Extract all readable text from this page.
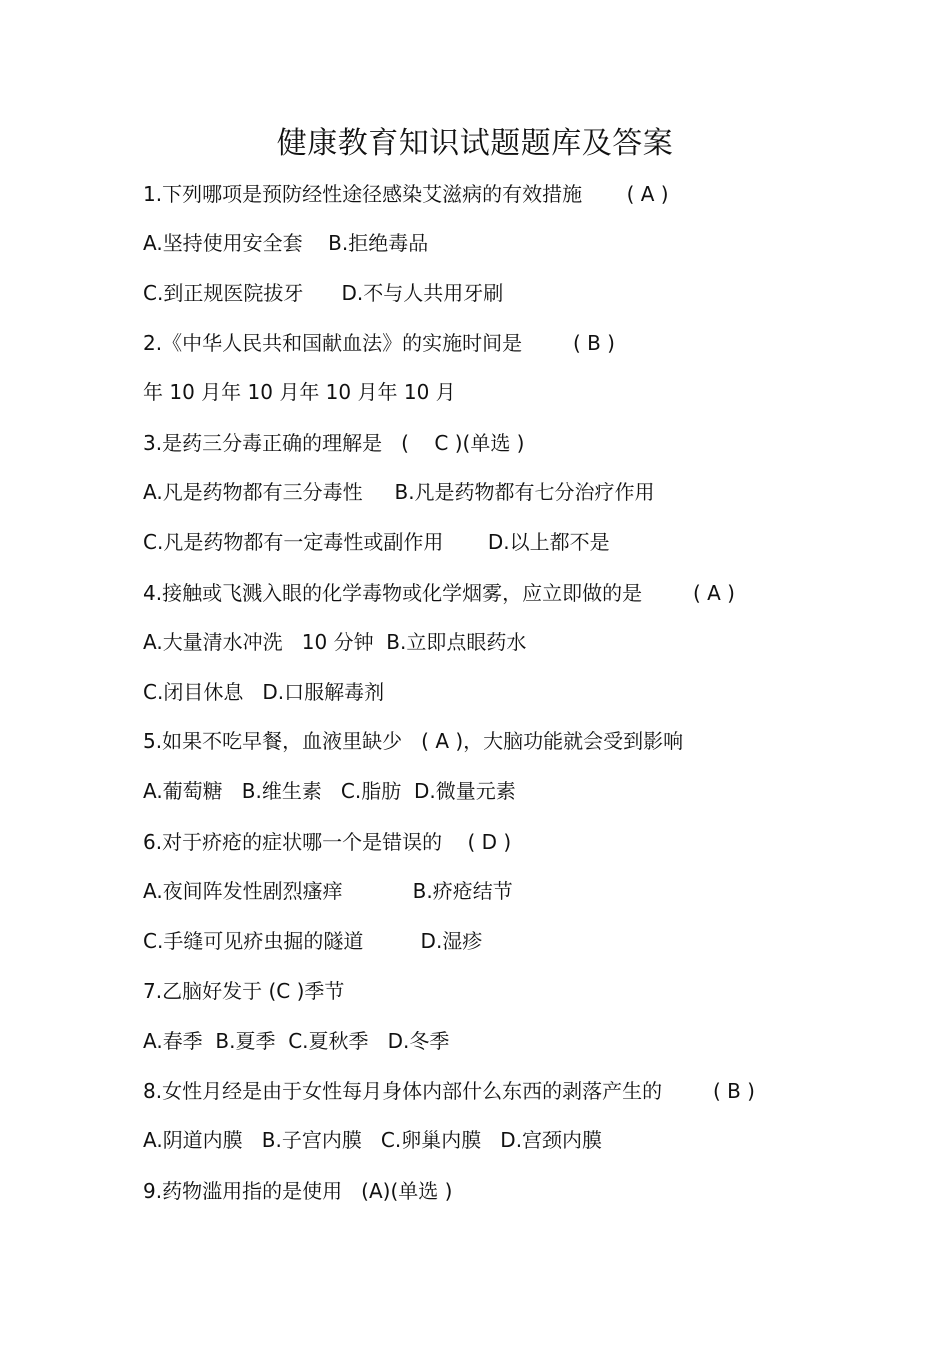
健康教育知识试题题库及答案
1.下列哪项是预防经性途径感染艾滋病的有效措施       ( A )
A.坚持使用安全套    B.拒绝毒品
C.到正规医院拔牙      D.不与人共用牙刷
2.《中华人民共和国献血法》的实施时间是        ( B )
年 10 月年 10 月年 10 月年 10 月
3.是药三分毒正确的理解是   (    C )(单选 )
A.凡是药物都有三分毒性     B.凡是药物都有七分治疗作用
C.凡是药物都有一定毒性或副作用       D.以上都不是
4.接触或飞溅入眼的化学毒物或化学烟雾，应立即做的是        ( A )
A.大量清水冲洗   10 分钟  B.立即点眼药水
C.闭目休息   D.口服解毒剂
5.如果不吃早餐，血液里缺少   ( A )，大脑功能就会受到影响
A.葡萄糖   B.维生素   C.脂肪  D.微量元素
6.对于疥疮的症状哪一个是错误的    ( D )
A.夜间阵发性剧烈瘙痒           B.疥疮结节
C.手缝可见疥虫掘的隧道         D.湿疹
7.乙脑好发于 (C )季节
A.春季  B.夏季  C.夏秋季   D.冬季
8.女性月经是由于女性每月身体内部什么东西的剥落产生的        ( B )
A.阴道内膜   B.子宫内膜   C.卵巢内膜   D.宫颈内膜
9.药物滥用指的是使用   (A)(单选 )
